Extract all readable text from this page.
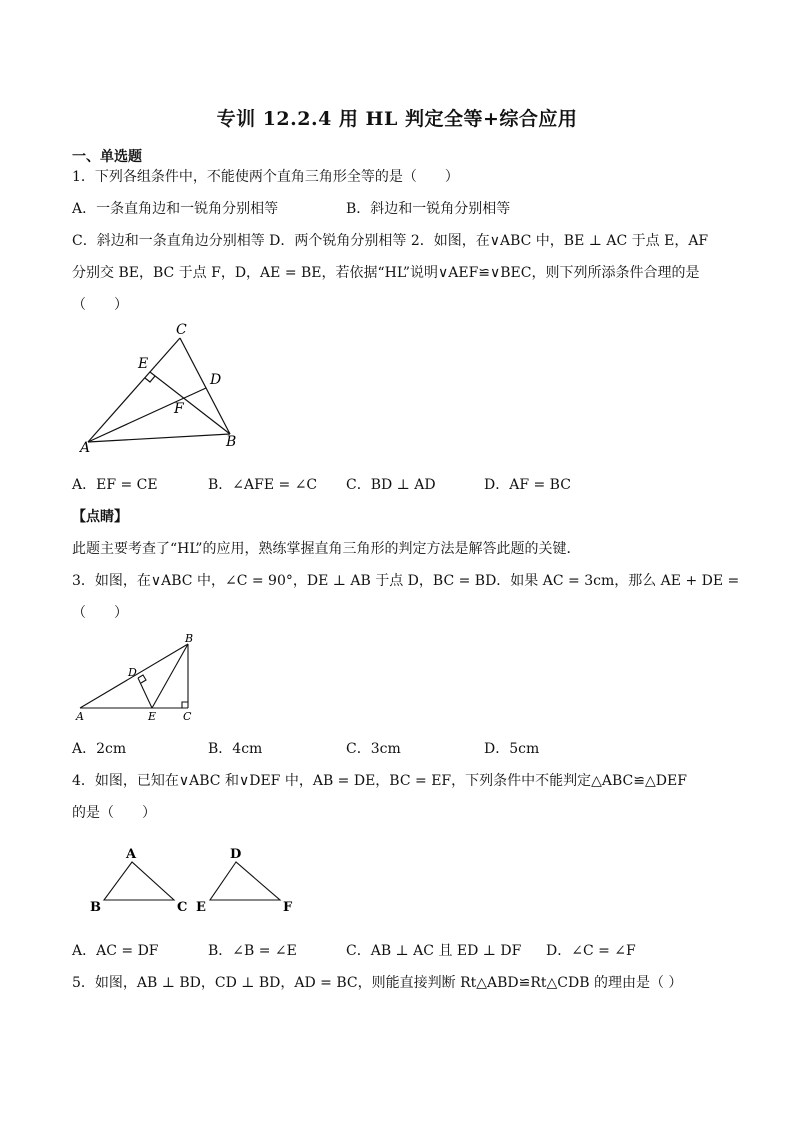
专训 12.2.4 用 HL 判定全等+综合应用
一、单选题
1．下列各组条件中，不能使两个直角三角形全等的是（　　）
A．一条直角边和一锐角分别相等	B．斜边和一锐角分别相等
C．斜边和一条直角边分别相等 D．两个锐角分别相等 2．如图，在∨ABC 中，BE ⊥ AC 于点 E，AF
分别交 BE，BC 于点 F，D，AE = BE，若依据“HL”说明∨AEF≌∨BEC，则下列所添条件合理的是
（　　）
C
E
D
F
A	B
A．EF = CE	B．∠AFE = ∠C C．BD ⊥ AD	D．AF = BC
【点睛】
此题主要考查了“HL”的应用，熟练掌握直角三角形的判定方法是解答此题的关键．
3．如图，在∨ABC 中，∠C = 90°，DE ⊥ AB 于点 D，BC = BD．如果 AC = 3cm，那么 AE + DE =
（　　）
B
D
A	E C
A．2cm	B．4cm	C．3cm	D．5cm
4．如图，已知在∨ABC 和∨DEF 中，AB = DE，BC = EF，下列条件中不能判定△ABC≌△DEF
的是（　　）
A
B	C
D
E	F
A．AC = DF	B．∠B = ∠E	C．AB ⊥ AC 且 ED ⊥ DF D．∠C = ∠F
5．如图，AB ⊥ BD，CD ⊥ BD，AD = BC，则能直接判断 Rt△ABD≌Rt△CDB 的理由是（ ）
